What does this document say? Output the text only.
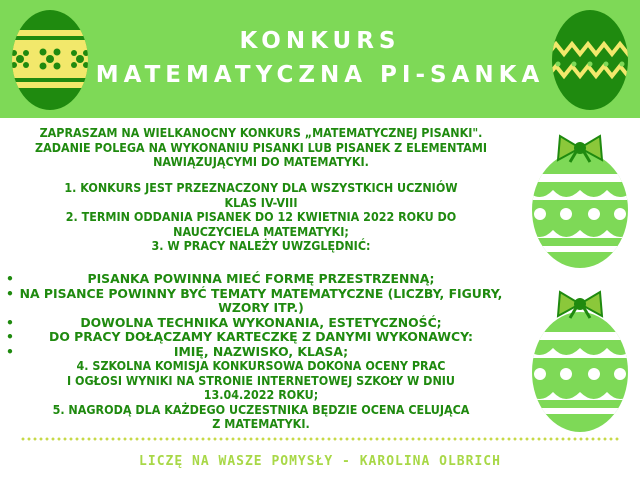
KONKURS
MATEMATYCZNA PI-SANKA
ZAPRASZAM NA WIELKANOCNY KONKURS „MATEMATYCZNEJ PISANKI".
ZADANIE POLEGA NA WYKONANIU PISANKI LUB PISANEK Z ELEMENTAMI
NAWIĄZUJĄCYMI DO MATEMATYKI.
1. KONKURS JEST PRZEZNACZONY DLA WSZYSTKICH UCZNIÓW
KLAS IV-VIII
2. TERMIN ODDANIA PISANEK DO 12 KWIETNIA 2022 ROKU DO
NAUCZYCIELA MATEMATYKI;
3. W PRACY NALEŻY UWZGLĘDNIĆ:
•	PISANKA POWINNA MIEĆ FORMĘ PRZESTRZENNĄ;
• NA PISANCE POWINNY BYĆ TEMATY MATEMATYCZNE (LICZBY, FIGURY, WZORY ITP.)
•	DOWOLNA TECHNIKA WYKONANIA, ESTETYCZNOŚĆ;
•	DO PRACY DOŁĄCZAMY KARTECZKĘ Z DANYMI WYKONAWCY:
•	IMIĘ, NAZWISKO, KLASA;
4. SZKOLNA KOMISJA KONKURSOWA DOKONA OCENY PRAC
I OGŁOSI WYNIKI NA STRONIE INTERNETOWEJ SZKOŁY W DNIU
13.04.2022 ROKU;
5. NAGRODĄ DLA KAŻDEGO UCZESTNIKA BĘDZIE OCENA CELUJĄCA
Z MATEMATYKI.
LICZĘ NA WASZE POMYSŁY - KAROLINA OLBRICH
